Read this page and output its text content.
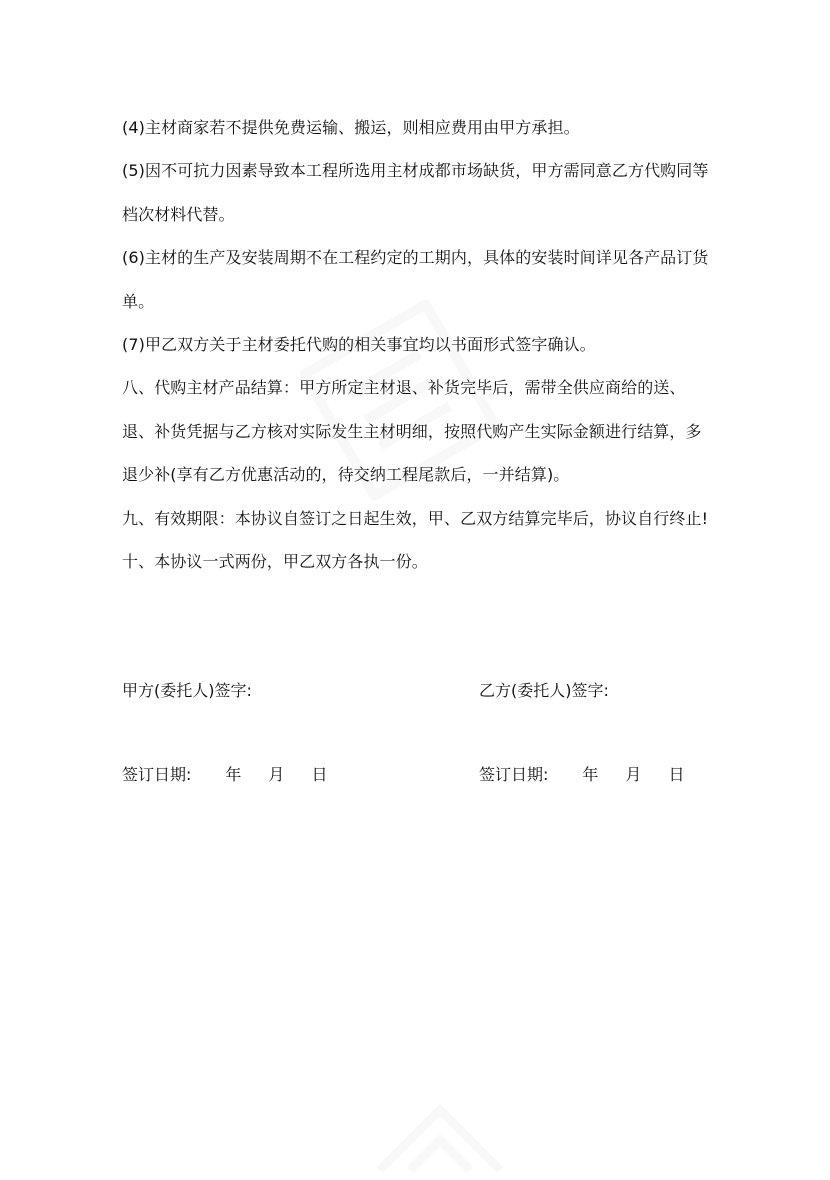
(4)主材商家若不提供免费运输、搬运，则相应费用由甲方承担。

(5)因不可抗力因素导致本工程所选用主材成都市场缺货，甲方需同意乙方代购同等档次材料代替。

(6)主材的生产及安装周期不在工程约定的工期内，具体的安装时间详见各产品订货单。

(7)甲乙双方关于主材委托代购的相关事宜均以书面形式签字确认。

八、代购主材产品结算：甲方所定主材退、补货完毕后，需带全供应商给的送、退、补货凭据与乙方核对实际发生主材明细，按照代购产生实际金额进行结算，多退少补(享有乙方优惠活动的，待交纳工程尾款后，一并结算)。

九、有效期限：本协议自签订之日起生效，甲、乙双方结算完毕后，协议自行终止!

十、本协议一式两份，甲乙双方各执一份。

甲方(委托人)签字:	乙方(委托人)签字:
签订日期: 年 月 日	签订日期: 年 月 日
